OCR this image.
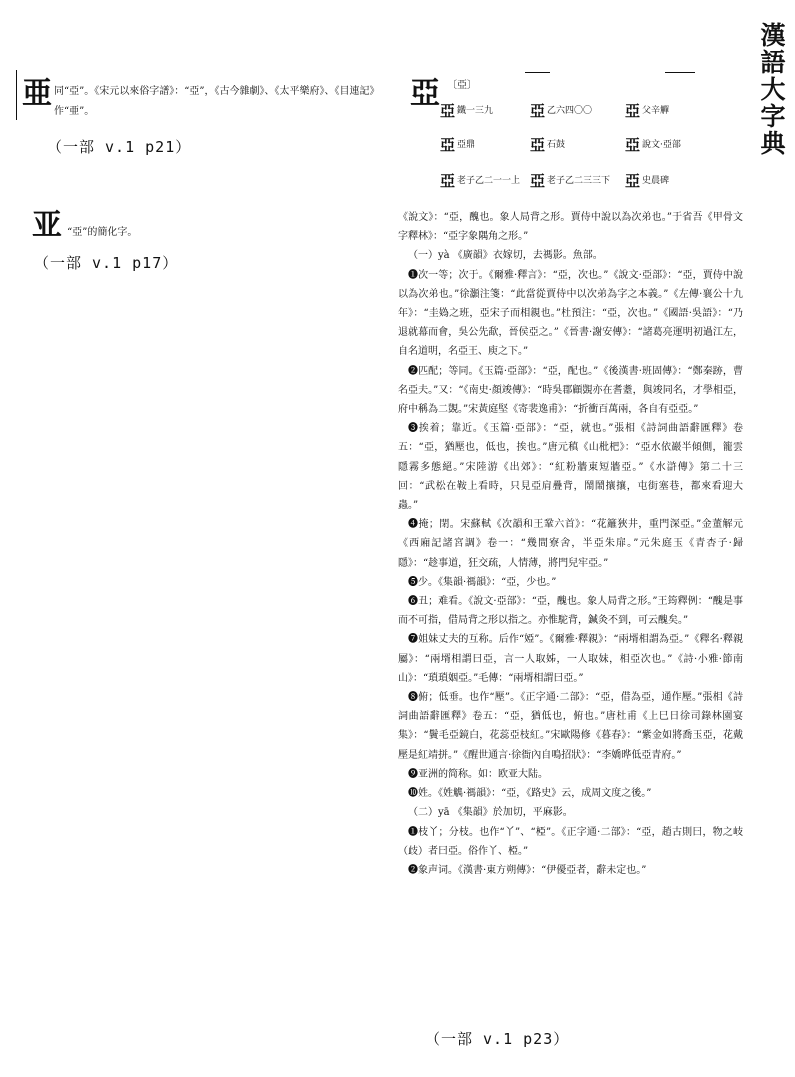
漢語大字典
亜 同“亞”。《宋元以來俗字譜》：“亞”，《古今雜劇》、《太平樂府》、《目連記》作“亜”。
（一部 v.1 p21）
亚 “亞”的簡化字。
（一部 v.1 p17）
亞 〔亞〕
亞鐵一三九 亞乙六四〇〇 亞父辛觶
亞亞鼎	亞石鼓	亞說文·亞部
亞老子乙二一一上 亞老子乙二三三下 亞史晨碑

《說文》：“亞，醜也。象人局背之形。賈侍中說以為次弟也。”于省吾《甲骨文字釋林》：“亞字象隅角之形。”

（一）yà 《廣韻》衣嫁切，去禡影。魚部。

❶次一等；次于。《爾雅·釋言》：“亞，次也。”《說文·亞部》：“亞，賈侍中說以為次弟也。”徐灝注箋：“此當從賈侍中以次弟為字之本義。”《左傳·襄公十九年》：“圭媯之班，亞宋子而相親也。”杜預注：“亞，次也。”《國語·吳語》：“乃退就幕而會，吳公先歃，晉侯亞之。”《晉書·謝安傳》：“諸葛亮運明初過江左，自名道明，名亞王、庾之下。”

❷匹配；等同。《玉篇·亞部》：“亞，配也。”《後漢書·班固傳》：“鄭秦跡，曹名亞夫。”又：“《南史·顏竣傳》：“時吳郡顧覬亦在耆耋，與竣同名，才學相亞，府中稱為二覬。”宋黃庭堅《寄裴逸甫》：“折衝百萬兩，各自有亞亞。”

❸挨着；靠近。《玉篇·亞部》：“亞，就也。”張相《詩詞曲語辭匯釋》卷五：“亞，猶壓也，低也，挨也。”唐元稹《山枇杷》：“亞水依巖半傾側，籠雲隱霧多態絕。”宋陸游《出郊》：“紅粉牆東短牆亞。”《水滸傳》第二十三回：“武松在鞍上看時，只見亞肩疊背，鬧鬧攘攘，屯街塞巷，都來看迎大蟲。”

❹掩；閉。宋蘇軾《次韻和王鞏六首》：“花籬狹井，重門深亞。”金董解元《西廂記諸宮調》卷一：“幾間寮舍，半亞朱扉。”元朱庭玉《青杏子·歸隱》：“趁事道，狂交疏，人情薄，將門兒牢亞。”

❺少。《集韻·禡韻》：“亞，少也。”

❻丑；难看。《說文·亞部》：“亞，醜也。象人局背之形。”王筠釋例：“醜是事而不可指，借局背之形以指之。亦惟駝背，鍼灸不到，可云醜矣。”

❼姐妹丈夫的互称。后作“婭”。《爾雅·釋親》：“兩壻相謂為亞。”《釋名·釋親屬》：“兩壻相謂曰亞，言一人取姊，一人取妹，相亞次也。”《詩·小雅·節南山》：“瑣瑣姻亞。”毛傳：“兩壻相謂曰亞。”

❽俯；低垂。也作“壓”。《正字通·二部》：“亞，借為亞，通作壓。”張相《詩詞曲語辭匯釋》卷五：“亞，猶低也，俯也。”唐杜甫《上巳日徐司錄林園宴集》：“鬢毛亞鏡白，花蕊亞枝紅。”宋歐陽修《暮春》：“紫金如將喬玉亞，花戴壓是紅靖拼。”《醒世通言·徐衙內自鳴招狀》：“李嬌晔低亞青府。”

❾亚洲的简称。如：欧亚大陆。

❿姓。《姓觹·禡韻》：“亞，《路史》云，成周文度之後。”

（二）yā 《集韻》於加切，平麻影。

❶枝丫；分枝。也作“丫”、“椏”。《正字通·二部》：“亞，趙古則曰，物之岐（歧）者曰亞。俗作丫、椏。”

❷象声词。《漢書·東方朔傳》：“伊優亞者，辭未定也。”

（一部 v.1 p23）
